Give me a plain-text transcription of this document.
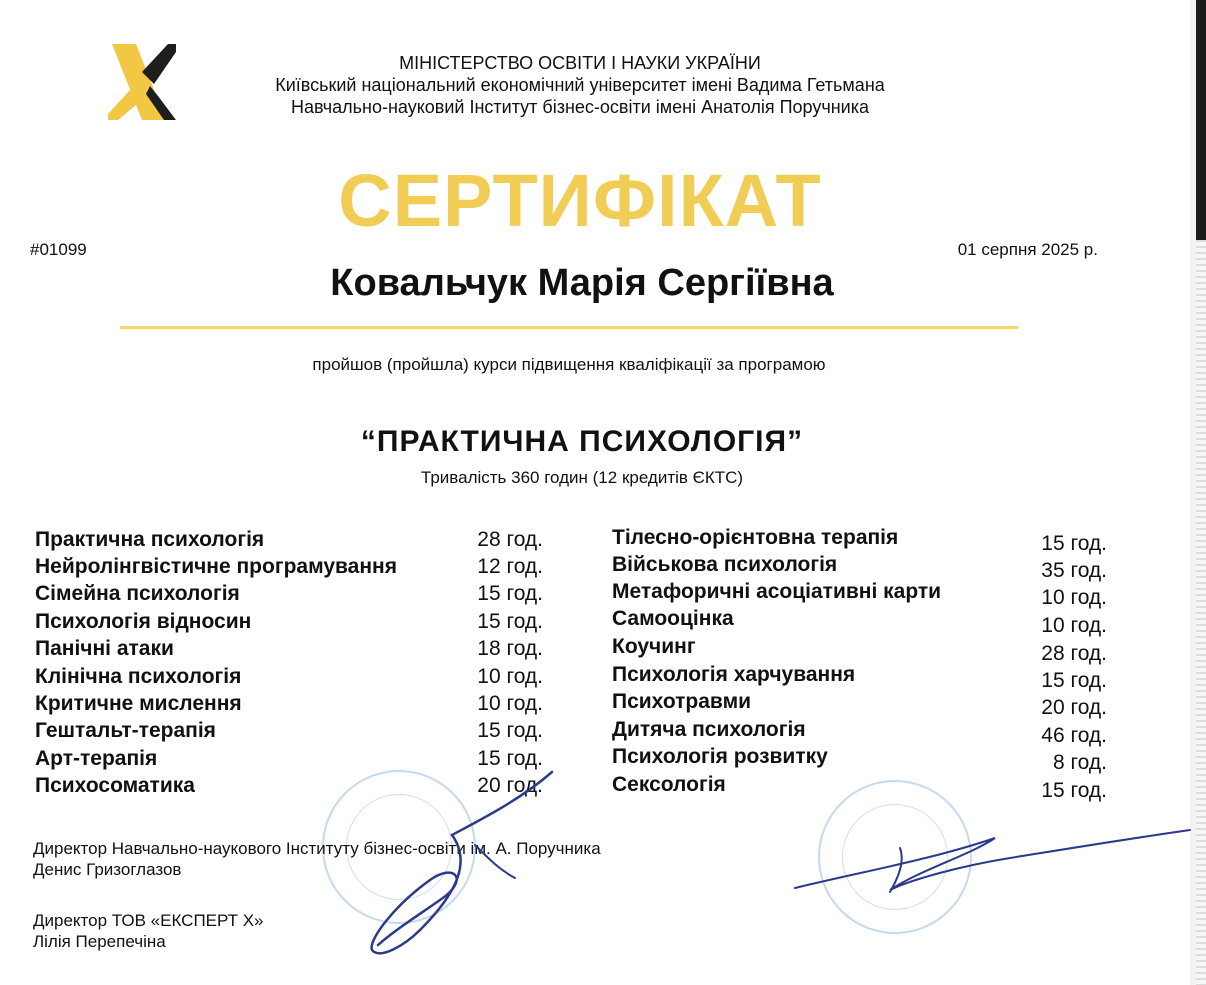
МІНІСТЕРСТВО ОСВІТИ І НАУКИ УКРАЇНИ
Київський національний економічний університет імені Вадима Гетьмана
Навчально-науковий Інститут бізнес-освіти імені Анатолія Поручника
СЕРТИФІКАТ
#01099	01 серпня 2025 р.
Ковальчук Марія Сергіївна
пройшов (пройшла) курси підвищення кваліфікації за програмою
“ПРАКТИЧНА ПСИХОЛОГІЯ”
Тривалість 360 годин (12 кредитів ЄКТС)
Практична психологія	28 год.
Нейролінгвістичне програмування	12 год.
Сімейна психологія	15 год.
Психологія відносин	15 год.
Панічні атаки	18 год.
Клінічна психологія	10 год.
Критичне мислення	10 год.
Гештальт-терапія	15 год.
Арт-терапія	15 год.
Психосоматика	20 год.
Тілесно-орієнтовна терапія	15 год.
Військова психологія	35 год.
Метафоричні асоціативні карти	10 год.
Самооцінка	10 год.
Коучинг	28 год.
Психологія харчування	15 год.
Психотравми	20 год.
Дитяча психологія	46 год.
Психологія розвитку	8 год.
Сексологія	15 год.
Директор Навчально-наукового Інституту бізнес-освіти ім. А. Поручника
Денис Гризоглазов
Директор ТОВ «ЕКСПЕРТ Х»
Лілія Перепечіна
